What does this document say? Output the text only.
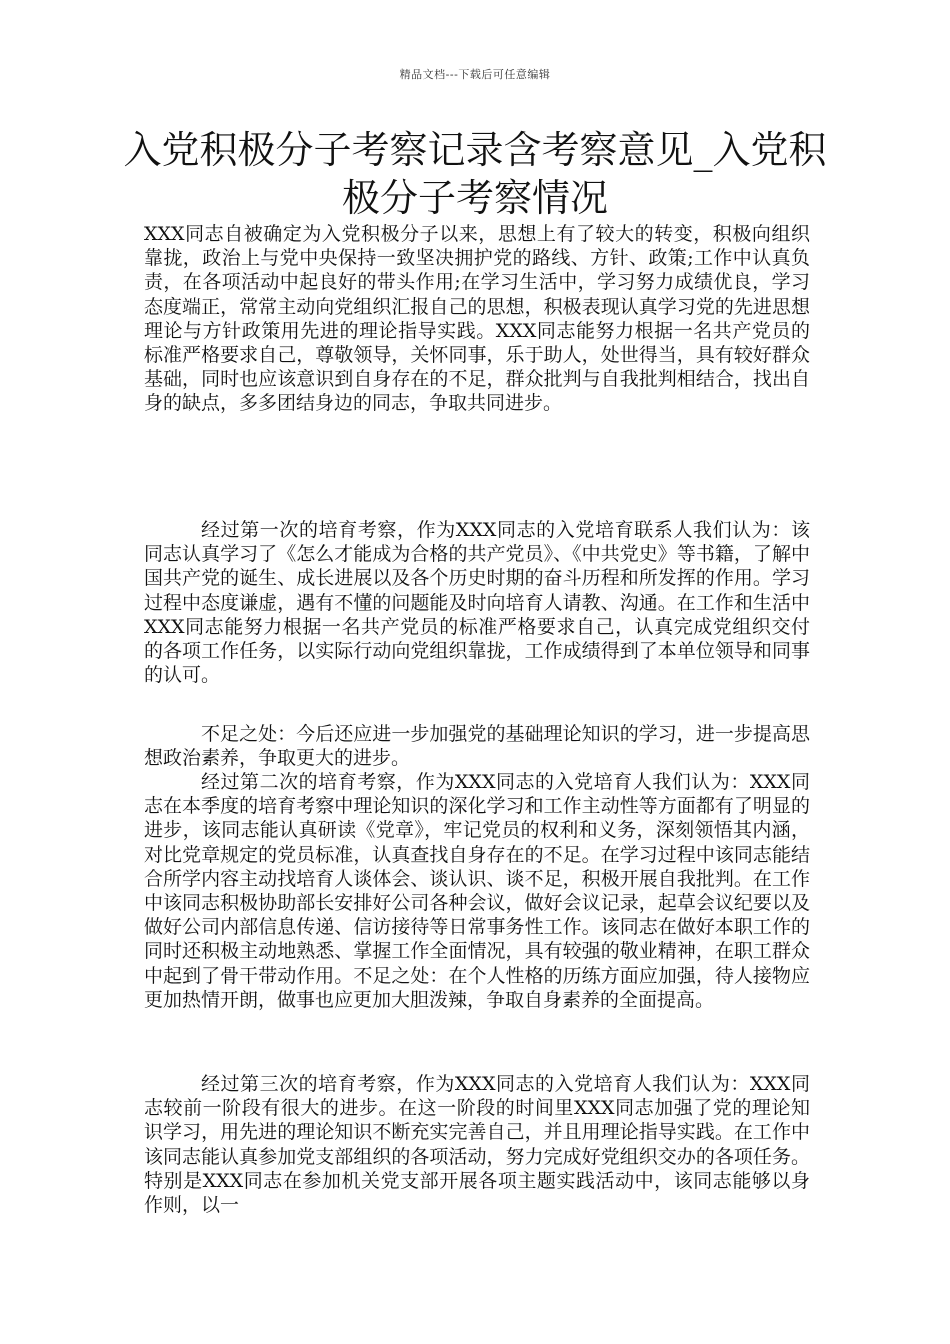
精品文档---下载后可任意编辑
入党积极分子考察记录含考察意见_入党积极分子考察情况

XXX同志自被确定为入党积极分子以来，思想上有了较大的转变，积极向组织靠拢，政治上与党中央保持一致坚决拥护党的路线、方针、政策;工作中认真负责，在各项活动中起良好的带头作用;在学习生活中，学习努力成绩优良，学习态度端正，常常主动向党组织汇报自己的思想，积极表现认真学习党的先进思想理论与方针政策用先进的理论指导实践。XXX同志能努力根据一名共产党员的标准严格要求自己，尊敬领导，关怀同事，乐于助人，处世得当，具有较好群众基础，同时也应该意识到自身存在的不足，群众批判与自我批判相结合，找出自身的缺点，多多团结身边的同志，争取共同进步。

经过第一次的培育考察，作为XXX同志的入党培育联系人我们认为：该同志认真学习了《怎么才能成为合格的共产党员》、《中共党史》等书籍，了解中国共产党的诞生、成长进展以及各个历史时期的奋斗历程和所发挥的作用。学习过程中态度谦虚，遇有不懂的问题能及时向培育人请教、沟通。在工作和生活中XXX同志能努力根据一名共产党员的标准严格要求自己，认真完成党组织交付的各项工作任务，以实际行动向党组织靠拢，工作成绩得到了本单位领导和同事的认可。

不足之处：今后还应进一步加强党的基础理论知识的学习，进一步提高思想政治素养，争取更大的进步。

经过第二次的培育考察，作为XXX同志的入党培育人我们认为：XXX同志在本季度的培育考察中理论知识的深化学习和工作主动性等方面都有了明显的进步，该同志能认真研读《党章》，牢记党员的权利和义务，深刻领悟其内涵，对比党章规定的党员标准，认真查找自身存在的不足。在学习过程中该同志能结合所学内容主动找培育人谈体会、谈认识、谈不足，积极开展自我批判。在工作中该同志积极协助部长安排好公司各种会议，做好会议记录，起草会议纪要以及做好公司内部信息传递、信访接待等日常事务性工作。该同志在做好本职工作的同时还积极主动地熟悉、掌握工作全面情况，具有较强的敬业精神，在职工群众中起到了骨干带动作用。不足之处：在个人性格的历练方面应加强，待人接物应更加热情开朗，做事也应更加大胆泼辣，争取自身素养的全面提高。

经过第三次的培育考察，作为XXX同志的入党培育人我们认为：XXX同志较前一阶段有很大的进步。在这一阶段的时间里XXX同志加强了党的理论知识学习，用先进的理论知识不断充实完善自己，并且用理论指导实践。在工作中该同志能认真参加党支部组织的各项活动，努力完成好党组织交办的各项任务。特别是XXX同志在参加机关党支部开展各项主题实践活动中，该同志能够以身作则，以一
